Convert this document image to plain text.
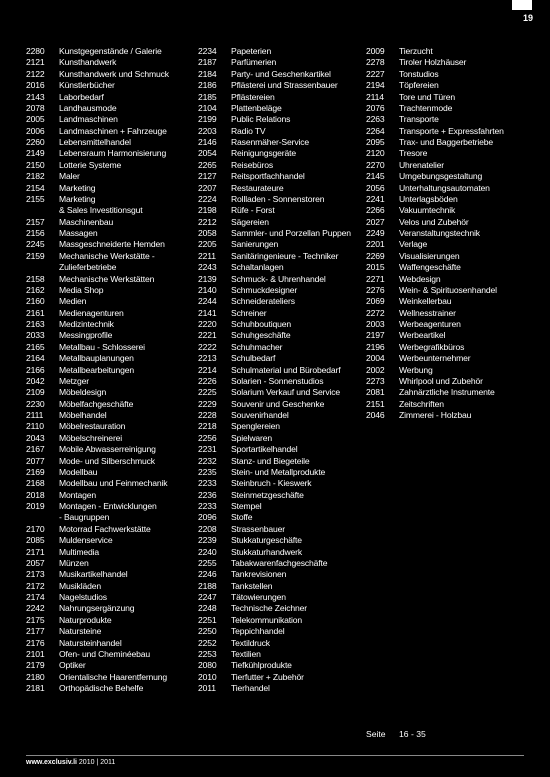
19
2280	Kunstgegenstände / Galerie
2121	Kunsthandwerk
2122	Kunsthandwerk und Schmuck
2016	Künstlerbücher
2143	Laborbedarf
2078	Landhausmode
2005	Landmaschinen
2006	Landmaschinen + Fahrzeuge
2260	Lebensmittelhandel
2149	Lebensraum Harmonisierung
2150	Lotterie Systeme
2182	Maler
2154	Marketing
2155	Marketing
& Sales Investitionsgut
2157	Maschinenbau
2156	Massagen
2245	Massgeschneiderte Hemden
2159	Mechanische Werkstätte -
Zulieferbetriebe
2158	Mechanische Werkstätten
2162	Media Shop
2160	Medien
2161	Medienagenturen
2163	Medizintechnik
2033	Messingprofile
2165	Metallbau - Schlosserei
2164	Metallbauplanungen
2166	Metallbearbeitungen
2042	Metzger
2109	Möbeldesign
2230	Möbelfachgeschäfte
2111	Möbelhandel
2110	Möbelrestauration
2043	Möbelschreinerei
2167	Mobile Abwasserreinigung
2077	Mode- und Silberschmuck
2169	Modellbau
2168	Modellbau und Feinmechanik
2018	Montagen
2019	Montagen - Entwicklungen
- Baugruppen
2170	Motorrad Fachwerkstätte
2085	Muldenservice
2171	Multimedia
2057	Münzen
2173	Musikartikelhandel
2172	Musikläden
2174	Nagelstudios
2242	Nahrungsergänzung
2175	Naturprodukte
2177	Natursteine
2176	Natursteinhandel
2101	Ofen- und Cheminéebau
2179	Optiker
2180	Orientalische Haarentfernung
2181	Orthopädische Behelfe
2234	Papeterien
2187	Parfümerien
2184	Party- und Geschenkartikel
2186	Pflästerei und Strassenbauer
2185	Pflästereien
2104	Plattenbeläge
2199	Public Relations
2203	Radio TV
2146	Rasenmäher-Service
2054	Reinigungsgeräte
2265	Reisebüros
2127	Reitsportfachhandel
2207	Restaurateure
2224	Rollladen - Sonnenstoren
2198	Rüfe - Forst
2212	Sägereien
2058	Sammler- und Porzellan Puppen
2205	Sanierungen
2211	Sanitäringenieure - Techniker
2243	Schaltanlagen
2139	Schmuck- & Uhrenhandel
2140	Schmuckdesigner
2244	Schneiderateliers
2141	Schreiner
2220	Schuhboutiquen
2221	Schuhgeschäfte
2222	Schuhmacher
2213	Schulbedarf
2214	Schulmaterial und Bürobedarf
2226	Solarien - Sonnenstudios
2225	Solarium Verkauf und Service
2229	Souvenir und Geschenke
2228	Souvenirhandel
2218	Spenglereien
2256	Spielwaren
2231	Sportartikelhandel
2232	Stanz- und Biegeteile
2235	Stein- und Metallprodukte
2233	Steinbruch - Kieswerk
2236	Steinmetzgeschäfte
2233	Stempel
2096	Stoffe
2208	Strassenbauer
2239	Stukkaturgeschäfte
2240	Stukkaturhandwerk
2255	Tabakwarenfachgeschäfte
2246	Tankrevisionen
2188	Tankstellen
2247	Tätowierungen
2248	Technische Zeichner
2251	Telekommunikation
2250	Teppichhandel
2252	Textildruck
2253	Textilien
2080	Tiefkühlprodukte
2010	Tierfutter + Zubehör
2011	Tierhandel
2009	Tierzucht
2278	Tiroler Holzhäuser
2227	Tonstudios
2194	Töpfereien
2114	Tore und Türen
2076	Trachtenmode
2263	Transporte
2264	Transporte + Expressfahrten
2095	Trax- und Baggerbetriebe
2120	Tresore
2270	Uhrenatelier
2145	Umgebungsgestaltung
2056	Unterhaltungsautomaten
2241	Unterlagsböden
2266	Vakuumtechnik
2027	Velos und Zubehör
2249	Veranstaltungstechnik
2201	Verlage
2269	Visualisierungen
2015	Waffengeschäfte
2271	Webdesign
2276	Wein- & Spirituosenhandel
2069	Weinkellerbau
2272	Wellnesstrainer
2003	Werbeagenturen
2197	Werbeartikel
2196	Werbegrafikbüros
2004	Werbeunternehmer
2002	Werbung
2273	Whirlpool und Zubehör
2081	Zahnärztliche Instrumente
2151	Zeitschriften
2046	Zimmerei - Holzbau
Seite 16 - 35
www.exclusiv.li 2010 | 2011
